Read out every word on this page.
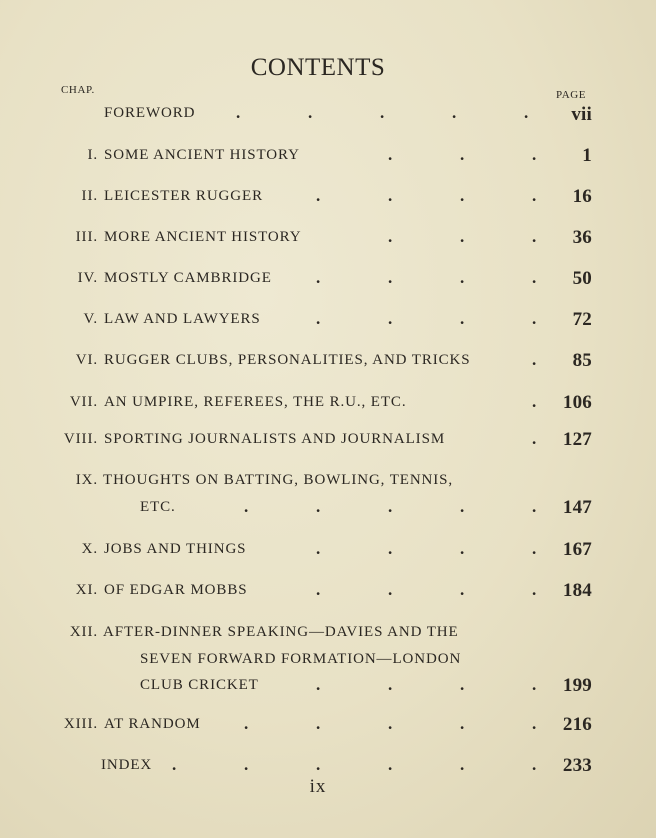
CONTENTS
CHAP.	PAGE
FOREWORD .	.	.	.	.	vii
I. SOME ANCIENT HISTORY	.	.	.	1
II. LEICESTER RUGGER	.	.	.	.	16
III. MORE ANCIENT HISTORY	.	.	.	36
IV. MOSTLY CAMBRIDGE	.	.	.	.	50
V. LAW AND LAWYERS	.	.	.	.	72
VI. RUGGER CLUBS, PERSONALITIES, AND TRICKS	.	85
VII. AN UMPIRE, REFEREES, THE R.U., ETC.	.	106
VIII. SPORTING JOURNALISTS AND JOURNALISM	.	127
IX. THOUGHTS ON BATTING, BOWLING, TENNIS,
ETC.	.	.	.	.	.	147
X. JOBS AND THINGS	.	.	.	.	167
XI. OF EDGAR MOBBS	.	.	.	.	184
XII. AFTER-DINNER SPEAKING—DAVIES AND THE
SEVEN FORWARD FORMATION—LONDON
CLUB CRICKET	.	.	.	.	199
XIII. AT RANDOM	.	.	.	.	.	216
INDEX .	.	.	.	.	.	233
ix
